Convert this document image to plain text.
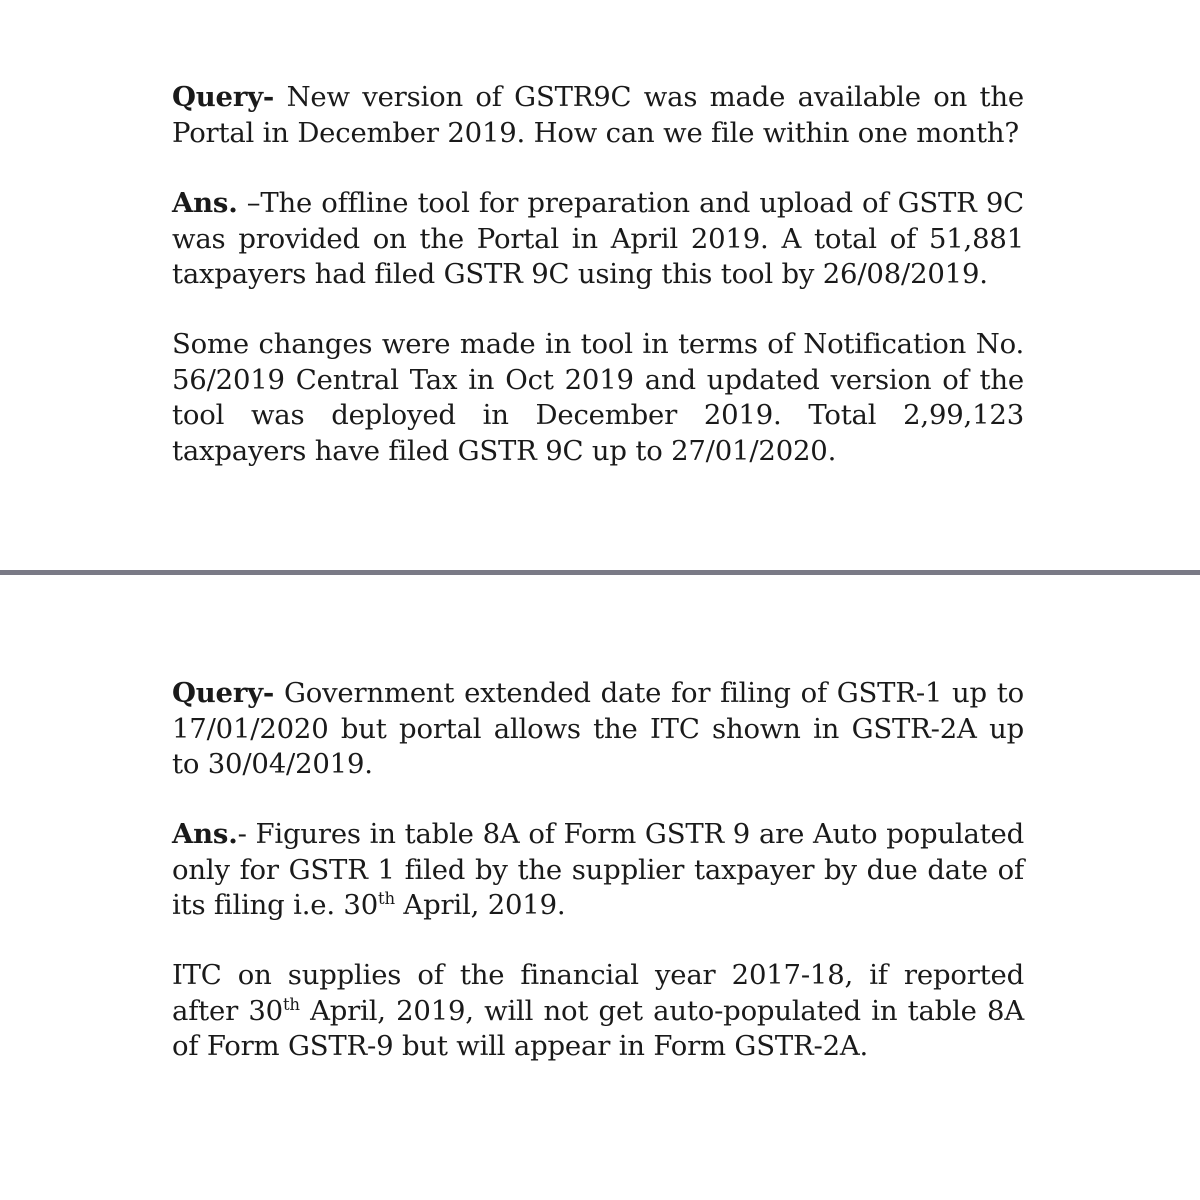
Query- New version of GSTR9C was made available on the Portal in December 2019. How can we file within one month?

Ans. –The offline tool for preparation and upload of GSTR 9C was provided on the Portal in April 2019. A total of 51,881 taxpayers had filed GSTR 9C using this tool by 26/08/2019.

Some changes were made in tool in terms of Notification No. 56/2019 Central Tax in Oct 2019 and updated version of the tool was deployed in December 2019. Total 2,99,123 taxpayers have filed GSTR 9C up to 27/01/2020.

Query- Government extended date for filing of GSTR-1 up to 17/01/2020 but portal allows the ITC shown in GSTR-2A up to 30/04/2019.

Ans.- Figures in table 8A of Form GSTR 9 are Auto populated only for GSTR 1 filed by the supplier taxpayer by due date of its filing i.e. 30th April, 2019.

ITC on supplies of the financial year 2017-18, if reported after 30th April, 2019, will not get auto-populated in table 8A of Form GSTR-9 but will appear in Form GSTR-2A.
